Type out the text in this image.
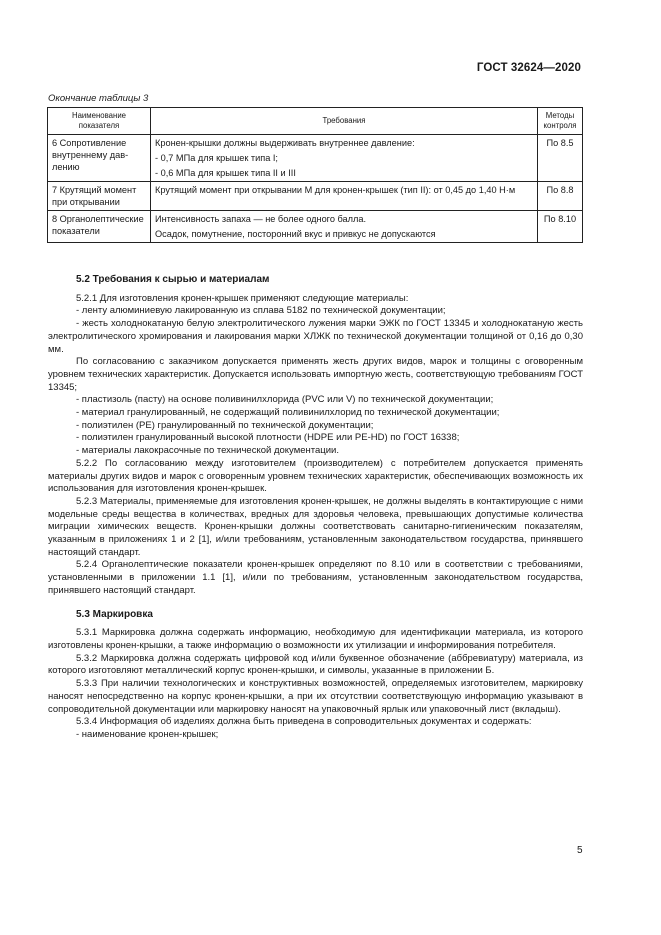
ГОСТ 32624—2020
Окончание таблицы 3
Наименование показателя	Требования	Методы контроля
6 Сопротивление внутреннему давлению	Кронен-крышки должны выдерживать внутреннее давление:
- 0,7 МПа для крышек типа I;
- 0,6 МПа для крышек типа II и III	По 8.5
7 Крутящий момент при открывании	Крутящий момент при открывании М для кронен-крышек (тип II): от 0,45 до 1,40 Н·м	По 8.8
8 Органолептические показатели	Интенсивность запаха — не более одного балла.
Осадок, помутнение, посторонний вкус и привкус не допускаются	По 8.10
5.2 Требования к сырью и материалам

5.2.1 Для изготовления кронен-крышек применяют следующие материалы:

- ленту алюминиевую лакированную из сплава 5182 по технической документации;

- жесть холоднокатаную белую электролитического лужения марки ЭЖК по ГОСТ 13345 и холоднокатаную жесть электролитического хромирования и лакирования марки ХЛЖК по технической документации толщиной от 0,16 до 0,30 мм.

По согласованию с заказчиком допускается применять жесть других видов, марок и толщины с оговоренным уровнем технических характеристик. Допускается использовать импортную жесть, соответствующую требованиям ГОСТ 13345;

- пластизоль (пасту) на основе поливинилхлорида (PVC или V) по технической документации;

- материал гранулированный, не содержащий поливинилхлорид по технической документации;

- полиэтилен (PE) гранулированный по технической документации;

- полиэтилен гранулированный высокой плотности (HDPE или PE-HD) по ГОСТ 16338;

- материалы лакокрасочные по технической документации.

5.2.2 По согласованию между изготовителем (производителем) с потребителем допускается применять материалы других видов и марок с оговоренным уровнем технических характеристик, обеспечивающих возможность их использования для изготовления кронен-крышек.

5.2.3 Материалы, применяемые для изготовления кронен-крышек, не должны выделять в контактирующие с ними модельные среды вещества в количествах, вредных для здоровья человека, превышающих допустимые количества миграции химических веществ. Кронен-крышки должны соответствовать санитарно-гигиеническим показателям, указанным в приложениях 1 и 2 [1], и/или требованиям, установленным законодательством государства, принявшего настоящий стандарт.

5.2.4 Органолептические показатели кронен-крышек определяют по 8.10 или в соответствии с требованиями, установленными в приложении 1.1 [1], и/или по требованиям, установленным законодательством государства, принявшего настоящий стандарт.

5.3 Маркировка

5.3.1 Маркировка должна содержать информацию, необходимую для идентификации материала, из которого изготовлены кронен-крышки, а также информацию о возможности их утилизации и информирования потребителя.

5.3.2 Маркировка должна содержать цифровой код и/или буквенное обозначение (аббревиатуру) материала, из которого изготовляют металлический корпус кронен-крышки, и символы, указанные в приложении Б.

5.3.3 При наличии технологических и конструктивных возможностей, определяемых изготовителем, маркировку наносят непосредственно на корпус кронен-крышки, а при их отсутствии соответствующую информацию указывают в сопроводительной документации или маркировку наносят на упаковочный ярлык или упаковочный лист (вкладыш).

5.3.4 Информация об изделиях должна быть приведена в сопроводительных документах и содержать:

- наименование кронен-крышек;

5
